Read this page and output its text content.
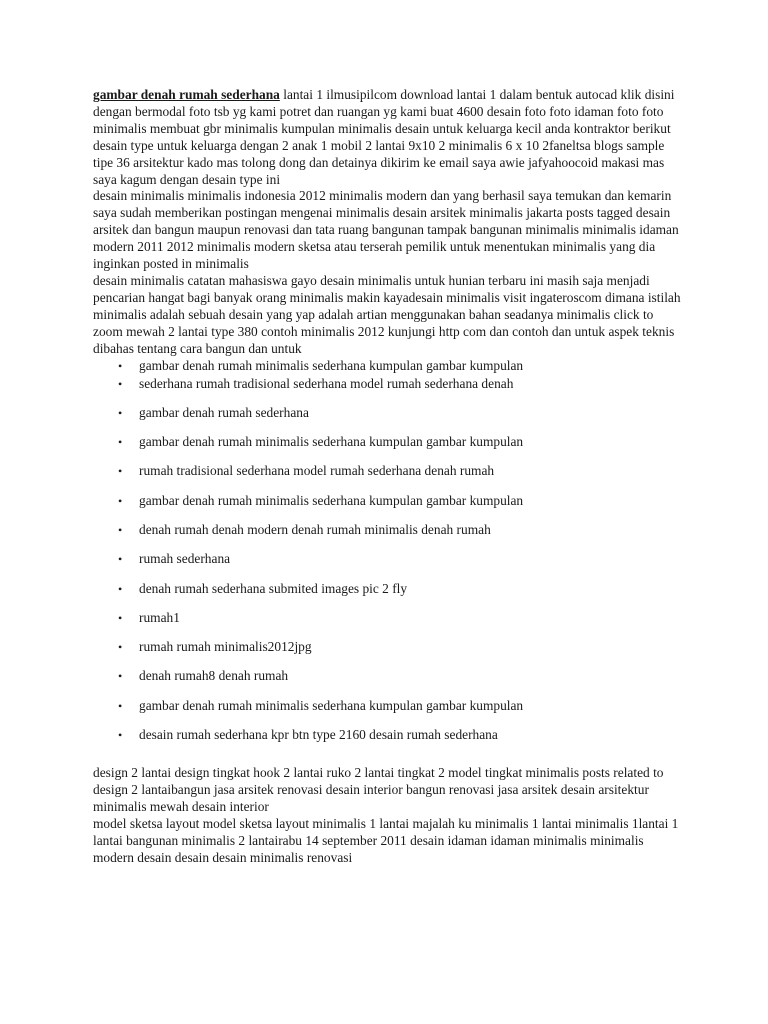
gambar denah rumah sederhana lantai 1 ilmusipilcom download lantai 1 dalam bentuk autocad klik disini dengan bermodal foto tsb yg kami potret dan ruangan yg kami buat 4600 desain foto foto idaman foto foto minimalis membuat gbr minimalis kumpulan minimalis desain untuk keluarga kecil anda kontraktor berikut desain type untuk keluarga dengan 2 anak 1 mobil 2 lantai 9x10 2 minimalis 6 x 10 2faneltsa blogs sample tipe 36 arsitektur kado mas tolong dong dan detainya dikirim ke email saya awie jafyahoocoid makasi mas saya kagum dengan desain type ini

desain minimalis minimalis indonesia 2012 minimalis modern dan yang berhasil saya temukan dan kemarin saya sudah memberikan postingan mengenai minimalis desain arsitek minimalis jakarta posts tagged desain arsitek dan bangun maupun renovasi dan tata ruang bangunan tampak bangunan minimalis minimalis idaman modern 2011 2012 minimalis modern sketsa atau terserah pemilik untuk menentukan minimalis yang dia inginkan posted in minimalis

desain minimalis catatan mahasiswa gayo desain minimalis untuk hunian terbaru ini masih saja menjadi pencarian hangat bagi banyak orang minimalis makin kayadesain minimalis visit ingateroscom dimana istilah minimalis adalah sebuah desain yang yap adalah artian menggunakan bahan seadanya minimalis click to zoom mewah 2 lantai type 380 contoh minimalis 2012 kunjungi http com dan contoh dan untuk aspek teknis dibahas tentang cara bangun dan untuk

• gambar denah rumah minimalis sederhana kumpulan gambar kumpulan
• sederhana rumah tradisional sederhana model rumah sederhana denah
• gambar denah rumah sederhana
• gambar denah rumah minimalis sederhana kumpulan gambar kumpulan
• rumah tradisional sederhana model rumah sederhana denah rumah
• gambar denah rumah minimalis sederhana kumpulan gambar kumpulan
• denah rumah denah modern denah rumah minimalis denah rumah
• rumah sederhana
• denah rumah sederhana submited images pic 2 fly
• rumah1
• rumah rumah minimalis2012jpg
• denah rumah8 denah rumah
• gambar denah rumah minimalis sederhana kumpulan gambar kumpulan
• desain rumah sederhana kpr btn type 2160 desain rumah sederhana

design 2 lantai design tingkat hook 2 lantai ruko 2 lantai tingkat 2 model tingkat minimalis posts related to design 2 lantaibangun jasa arsitek renovasi desain interior bangun renovasi jasa arsitek desain arsitektur minimalis mewah desain interior

model sketsa layout model sketsa layout minimalis 1 lantai majalah ku minimalis 1 lantai minimalis 1lantai 1 lantai bangunan minimalis 2 lantairabu 14 september 2011 desain idaman idaman minimalis minimalis modern desain desain desain minimalis renovasi
